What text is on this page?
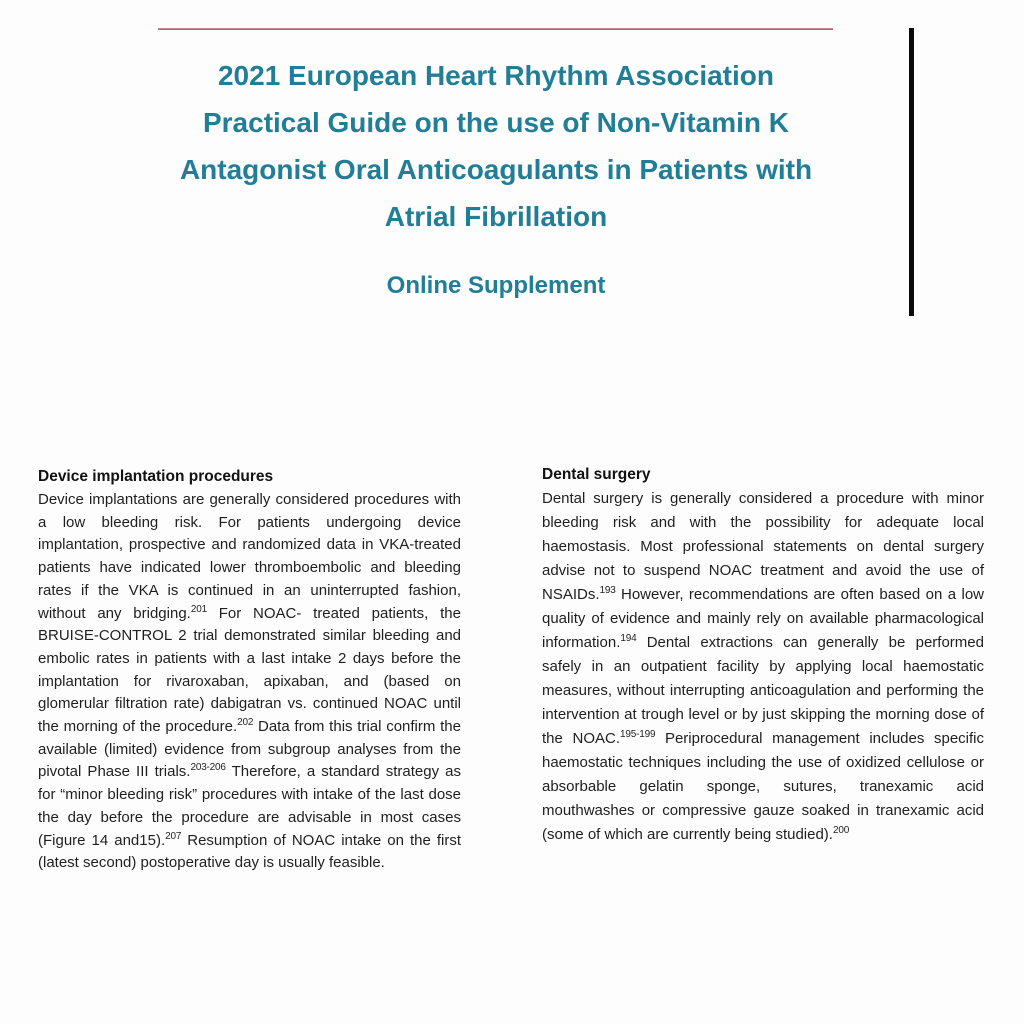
2021 European Heart Rhythm Association
Practical Guide on the use of Non-Vitamin K
Antagonist Oral Anticoagulants in Patients with
Atrial Fibrillation
Online Supplement
Device implantation procedures

Device implantations are generally considered procedures with a low bleeding risk. For patients undergoing device implantation, prospective and randomized data in VKA-treated patients have indicated lower thromboembolic and bleeding rates if the VKA is continued in an uninterrupted fashion, without any bridging.$^{201}$ For NOAC- treated patients, the BRUISE-CONTROL 2 trial demonstrated similar bleeding and embolic rates in patients with a last intake 2 days before the implantation for rivaroxaban, apixaban, and (based on glomerular filtration rate) dabigatran vs. continued NOAC until the morning of the procedure.$^{202}$ Data from this trial confirm the available (limited) evidence from subgroup analyses from the pivotal Phase III trials.$^{203-206}$ Therefore, a standard strategy as for “minor bleeding risk” procedures with intake of the last dose the day before the procedure are advisable in most cases (Figure 14 and15).$^{207}$ Resumption of NOAC intake on the first (latest second) postoperative day is usually feasible.

Dental surgery

Dental surgery is generally considered a procedure with minor bleeding risk and with the possibility for adequate local haemostasis. Most professional statements on dental surgery advise not to suspend NOAC treatment and avoid the use of NSAIDs.$^{193}$ However, recommendations are often based on a low quality of evidence and mainly rely on available pharmacological information.$^{194}$ Dental extractions can generally be performed safely in an outpatient facility by applying local haemostatic measures, without interrupting anticoagulation and performing the intervention at trough level or by just skipping the morning dose of the NOAC.$^{195-199}$ Periprocedural management includes specific haemostatic techniques including the use of oxidized cellulose or absorbable gelatin sponge, sutures, tranexamic acid mouthwashes or compressive gauze soaked in tranexamic acid (some of which are currently being studied).$^{200}$
